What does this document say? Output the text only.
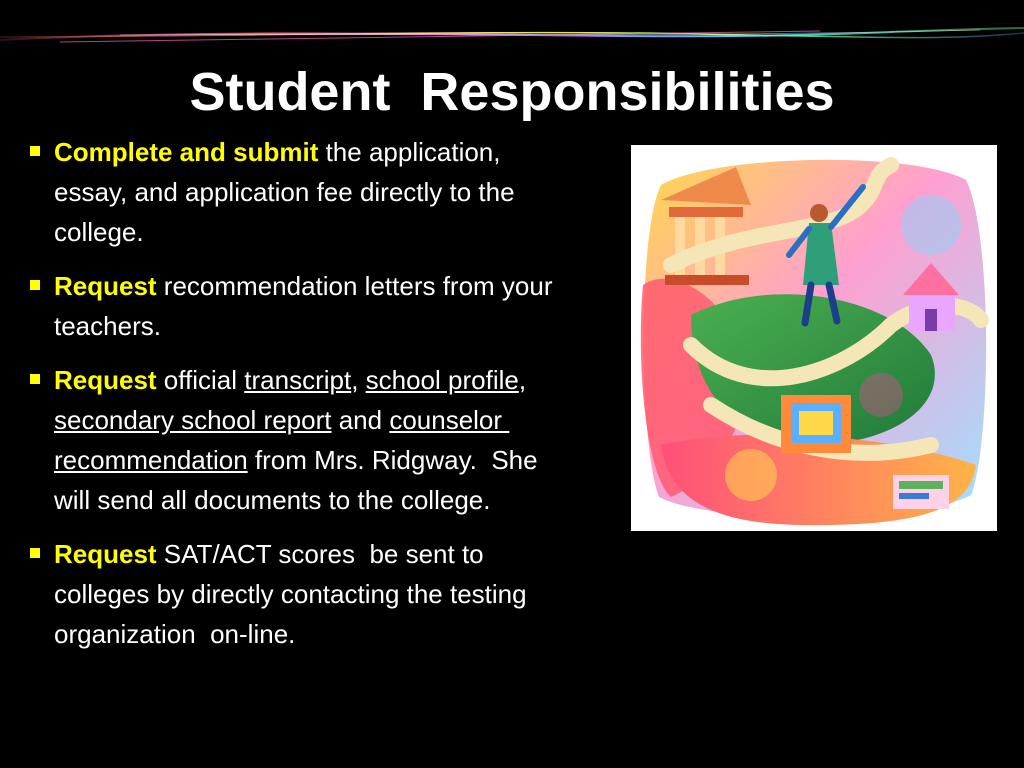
Student  Responsibilities
Complete and submit the application, essay, and application fee directly to the college.
Request recommendation letters from your teachers.
Request official transcript, school profile, secondary school report and counselor recommendation from Mrs. Ridgway.  She will send all documents to the college.
Request SAT/ACT scores  be sent to colleges by directly contacting the testing organization  on-line.
